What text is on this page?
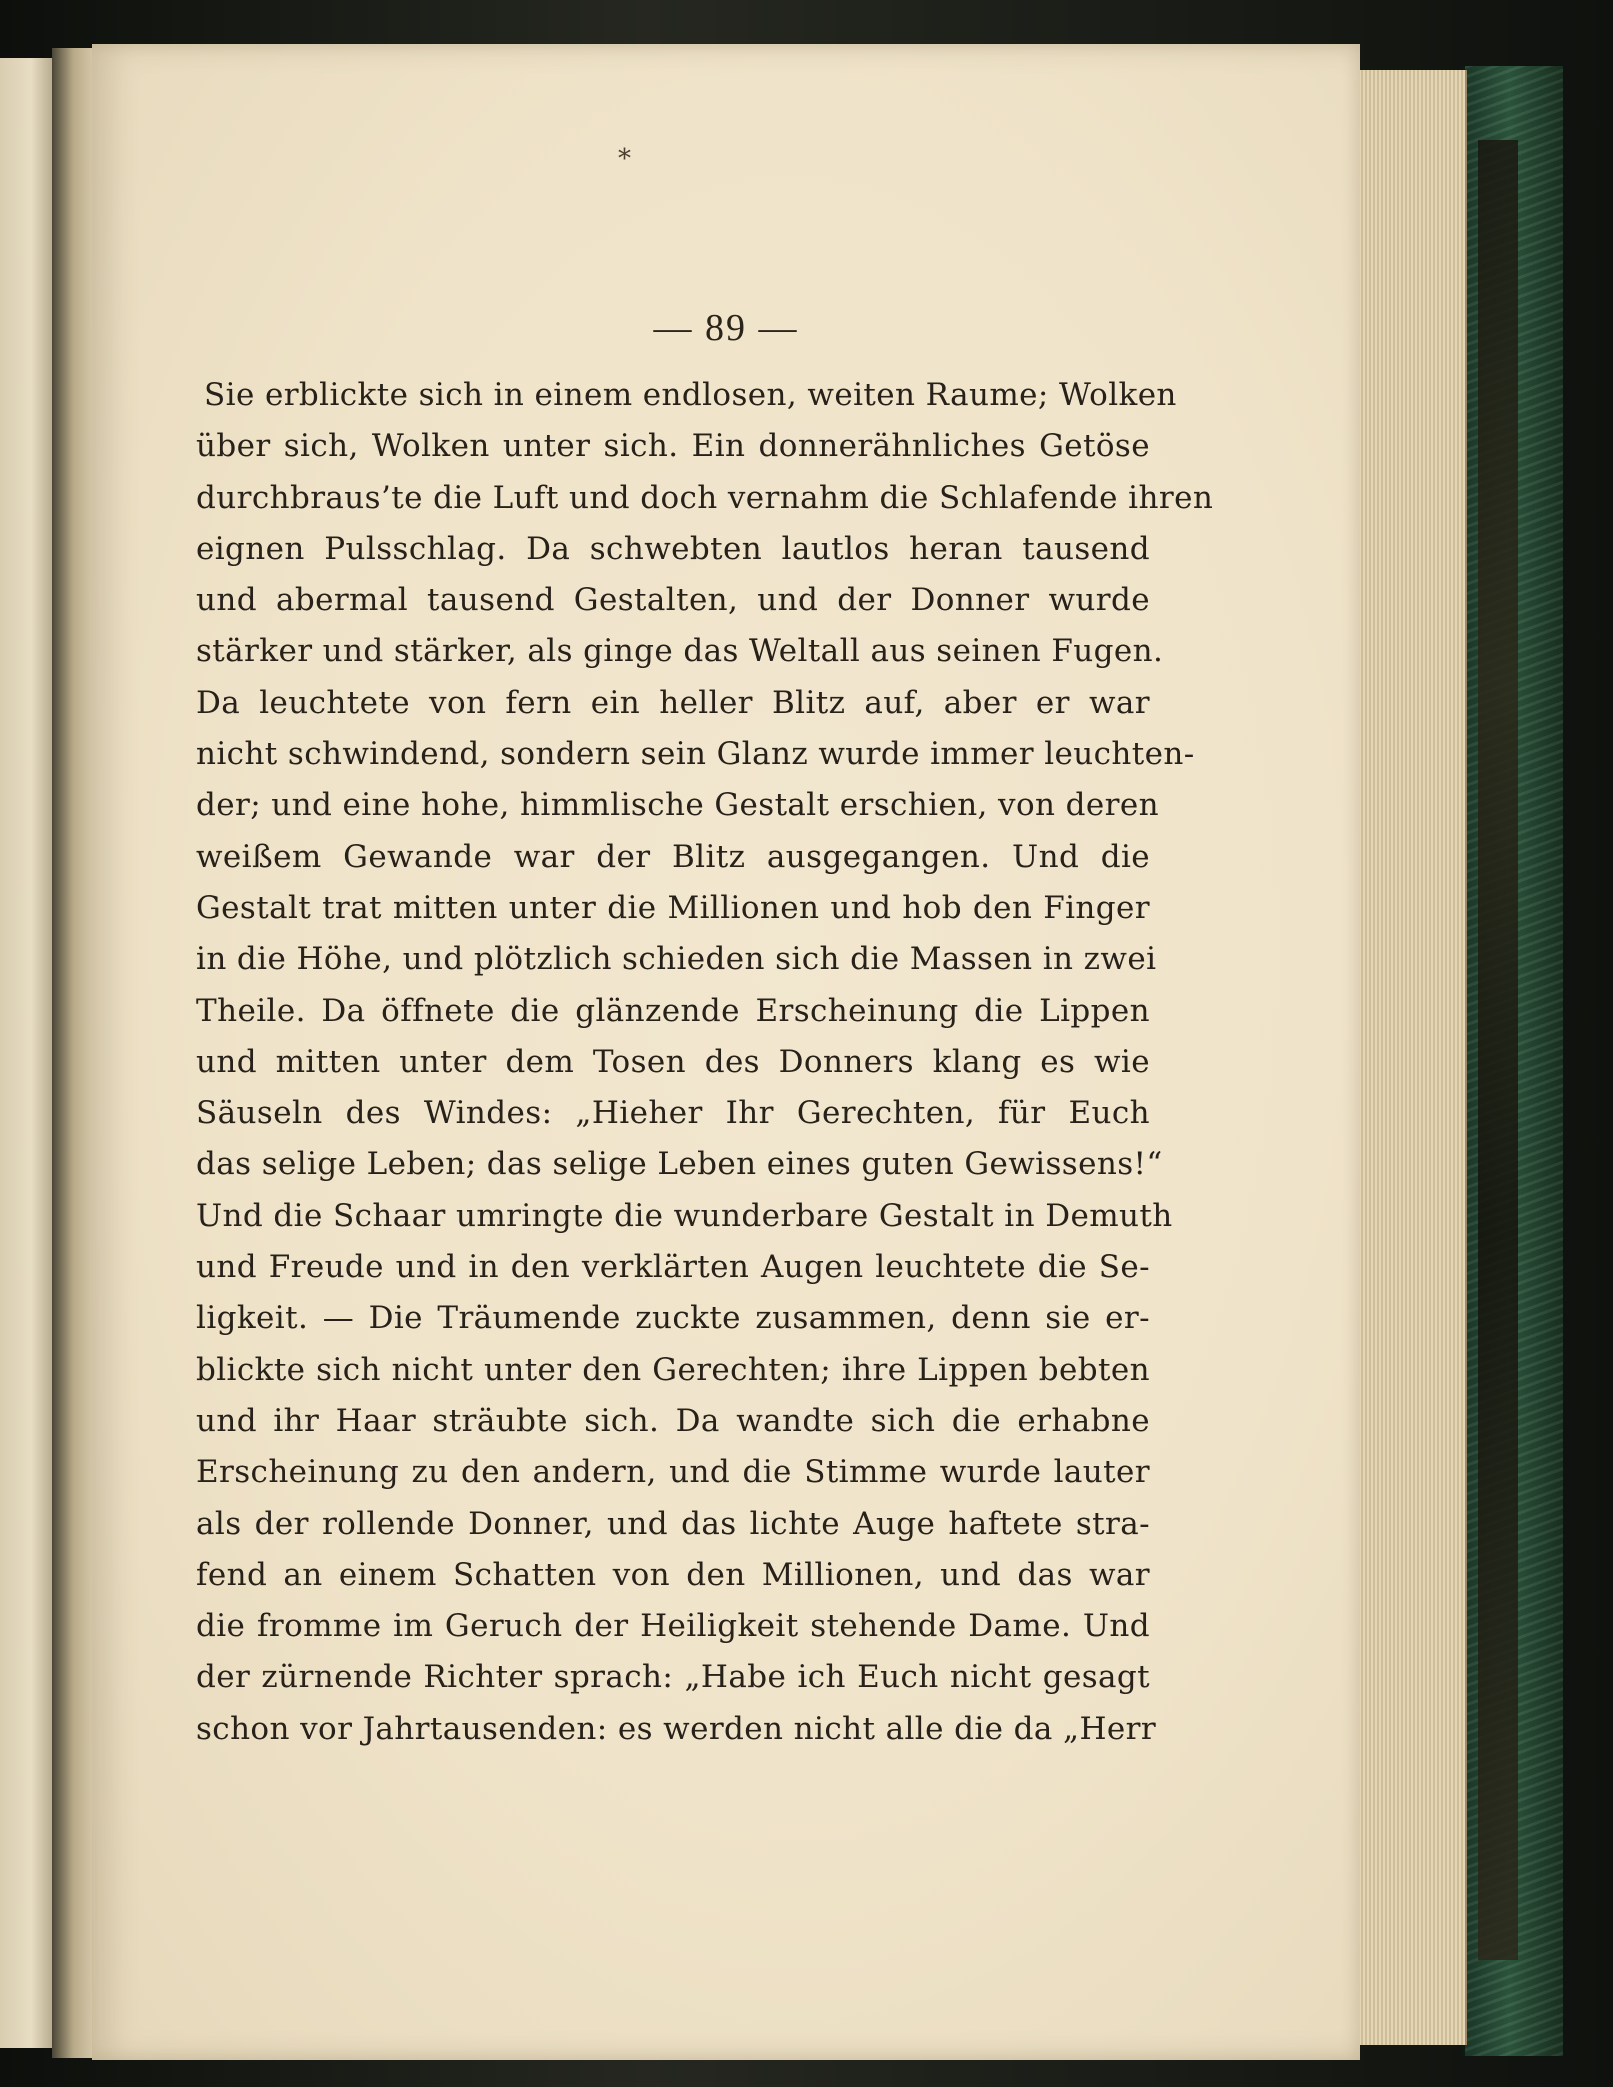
*
— 89 —
Sie erblickte sich in einem endlosen, weiten Raume; Wolken
über sich, Wolken unter sich. Ein donnerähnliches Getöse
durchbraus’te die Luft und doch vernahm die Schlafende ihren
eignen Pulsschlag. Da schwebten lautlos heran tausend
und abermal tausend Gestalten, und der Donner wurde
stärker und stärker, als ginge das Weltall aus seinen Fugen.
Da leuchtete von fern ein heller Blitz auf, aber er war
nicht schwindend, sondern sein Glanz wurde immer leuchten-
der; und eine hohe, himmlische Gestalt erschien, von deren
weißem Gewande war der Blitz ausgegangen. Und die
Gestalt trat mitten unter die Millionen und hob den Finger
in die Höhe, und plötzlich schieden sich die Massen in zwei
Theile. Da öffnete die glänzende Erscheinung die Lippen
und mitten unter dem Tosen des Donners klang es wie
Säuseln des Windes: „Hieher Ihr Gerechten, für Euch
das selige Leben; das selige Leben eines guten Gewissens!“
Und die Schaar umringte die wunderbare Gestalt in Demuth
und Freude und in den verklärten Augen leuchtete die Se-
ligkeit. — Die Träumende zuckte zusammen, denn sie er-
blickte sich nicht unter den Gerechten; ihre Lippen bebten
und ihr Haar sträubte sich. Da wandte sich die erhabne
Erscheinung zu den andern, und die Stimme wurde lauter
als der rollende Donner, und das lichte Auge haftete stra-
fend an einem Schatten von den Millionen, und das war
die fromme im Geruch der Heiligkeit stehende Dame. Und
der zürnende Richter sprach: „Habe ich Euch nicht gesagt
schon vor Jahrtausenden: es werden nicht alle die da „Herr
